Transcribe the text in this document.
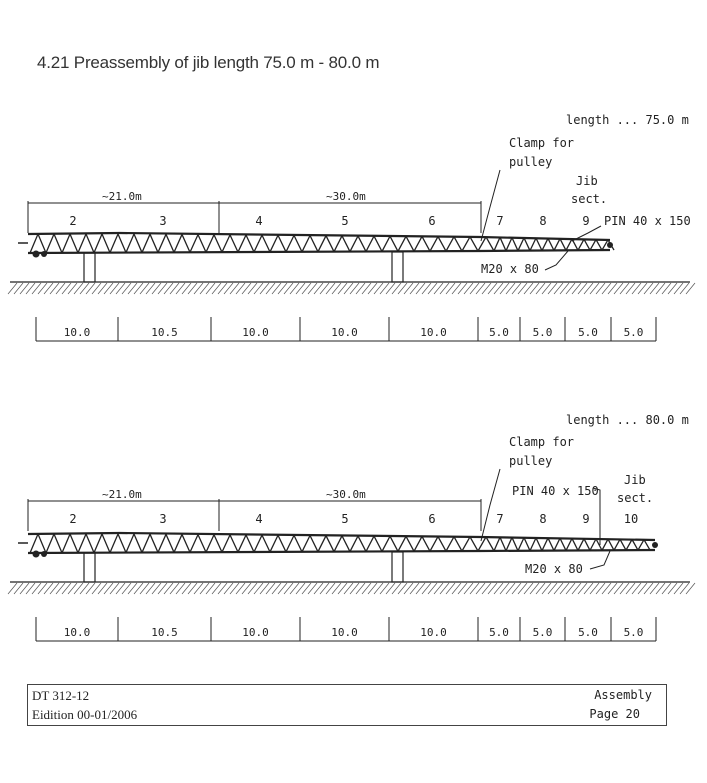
4.21 Preassembly of jib length 75.0 m - 80.0 m
length ... 75.0 m
Clamp for
pulley
Jib
sect.
PIN 40 x 150
M20 x 80
~21.0m	~30.0m
2	3	4	5	6	7	8	9
10.0	10.5	10.0	10.0	10.0	5.0 5.0 5.0 5.0
length ... 80.0 m
Clamp for
pulley
Jib
sect.
PIN 40 x 150
M20 x 80
~21.0m	~30.0m
2	3	4	5	6	7	8	9	10
10.0	10.5	10.0	10.0	10.0	5.0 5.0 5.0 5.0
DT 312-12
Eidition 00-01/2006
Assembly
Page 20
